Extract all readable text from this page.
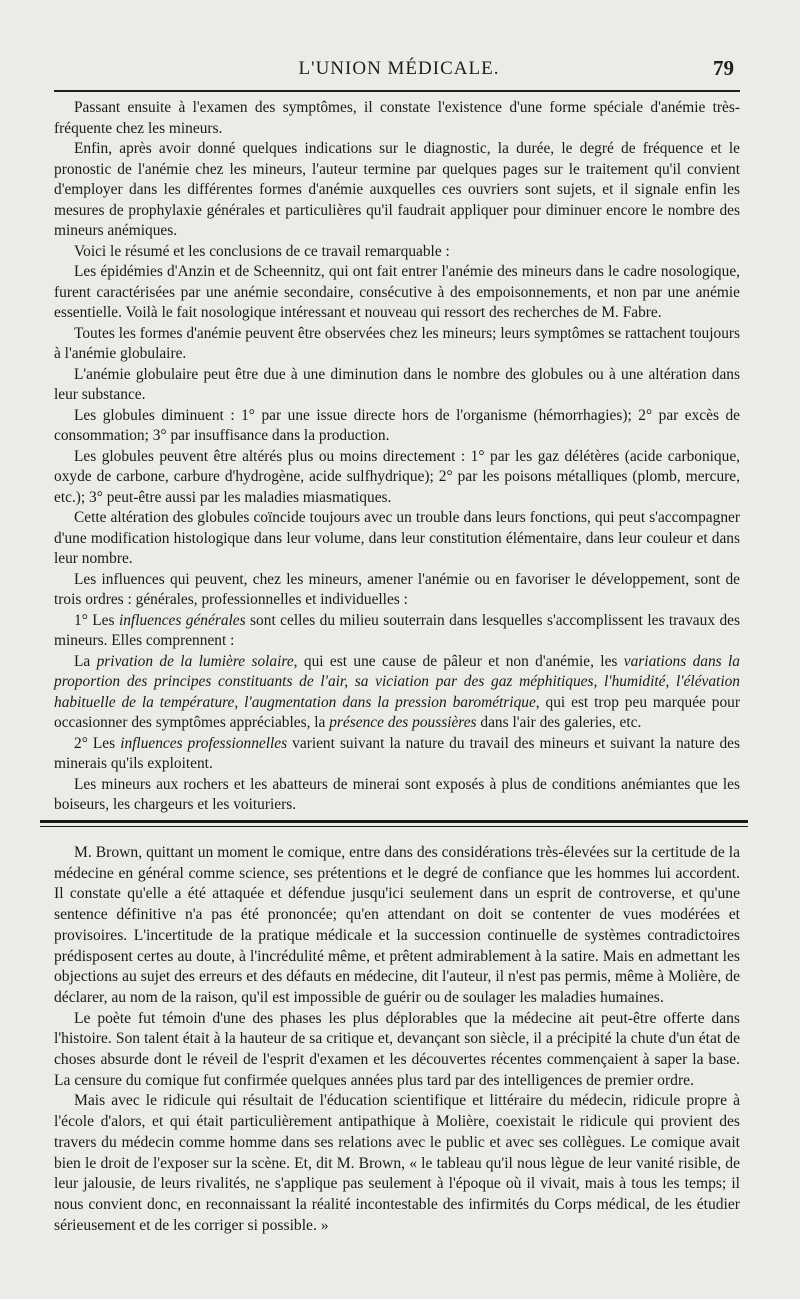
L'UNION MÉDICALE.	79

Passant ensuite à l'examen des symptômes, il constate l'existence d'une forme spéciale d'anémie très-fréquente chez les mineurs.

Enfin, après avoir donné quelques indications sur le diagnostic, la durée, le degré de fréquence et le pronostic de l'anémie chez les mineurs, l'auteur termine par quelques pages sur le traitement qu'il convient d'employer dans les différentes formes d'anémie auxquelles ces ouvriers sont sujets, et il signale enfin les mesures de prophylaxie générales et particulières qu'il faudrait appliquer pour diminuer encore le nombre des mineurs anémiques.

Voici le résumé et les conclusions de ce travail remarquable :

Les épidémies d'Anzin et de Scheennitz, qui ont fait entrer l'anémie des mineurs dans le cadre nosologique, furent caractérisées par une anémie secondaire, consécutive à des empoisonnements, et non par une anémie essentielle. Voilà le fait nosologique intéressant et nouveau qui ressort des recherches de M. Fabre.

Toutes les formes d'anémie peuvent être observées chez les mineurs; leurs symptômes se rattachent toujours à l'anémie globulaire.

L'anémie globulaire peut être due à une diminution dans le nombre des globules ou à une altération dans leur substance.

Les globules diminuent : 1° par une issue directe hors de l'organisme (hémorrhagies); 2° par excès de consommation; 3° par insuffisance dans la production.

Les globules peuvent être altérés plus ou moins directement : 1° par les gaz délétères (acide carbonique, oxyde de carbone, carbure d'hydrogène, acide sulfhydrique); 2° par les poisons métalliques (plomb, mercure, etc.); 3° peut-être aussi par les maladies miasmatiques.

Cette altération des globules coïncide toujours avec un trouble dans leurs fonctions, qui peut s'accompagner d'une modification histologique dans leur volume, dans leur constitution élémentaire, dans leur couleur et dans leur nombre.

Les influences qui peuvent, chez les mineurs, amener l'anémie ou en favoriser le développement, sont de trois ordres : générales, professionnelles et individuelles :

1° Les influences générales sont celles du milieu souterrain dans lesquelles s'accomplissent les travaux des mineurs. Elles comprennent :

La privation de la lumière solaire, qui est une cause de pâleur et non d'anémie, les variations dans la proportion des principes constituants de l'air, sa viciation par des gaz méphitiques, l'humidité, l'élévation habituelle de la température, l'augmentation dans la pression barométrique, qui est trop peu marquée pour occasionner des symptômes appréciables, la présence des poussières dans l'air des galeries, etc.

2° Les influences professionnelles varient suivant la nature du travail des mineurs et suivant la nature des minerais qu'ils exploitent.

Les mineurs aux rochers et les abatteurs de minerai sont exposés à plus de conditions anémiantes que les boiseurs, les chargeurs et les voituriers.

M. Brown, quittant un moment le comique, entre dans des considérations très-élevées sur la certitude de la médecine en général comme science, ses prétentions et le degré de confiance que les hommes lui accordent. Il constate qu'elle a été attaquée et défendue jusqu'ici seulement dans un esprit de controverse, et qu'une sentence définitive n'a pas été prononcée; qu'en attendant on doit se contenter de vues modérées et provisoires. L'incertitude de la pratique médicale et la succession continuelle de systèmes contradictoires prédisposent certes au doute, à l'incrédulité même, et prêtent admirablement à la satire. Mais en admettant les objections au sujet des erreurs et des défauts en médecine, dit l'auteur, il n'est pas permis, même à Molière, de déclarer, au nom de la raison, qu'il est impossible de guérir ou de soulager les maladies humaines.

Le poète fut témoin d'une des phases les plus déplorables que la médecine ait peut-être offerte dans l'histoire. Son talent était à la hauteur de sa critique et, devançant son siècle, il a précipité la chute d'un état de choses absurde dont le réveil de l'esprit d'examen et les découvertes récentes commençaient à saper la base. La censure du comique fut confirmée quelques années plus tard par des intelligences de premier ordre.

Mais avec le ridicule qui résultait de l'éducation scientifique et littéraire du médecin, ridicule propre à l'école d'alors, et qui était particulièrement antipathique à Molière, coexistait le ridicule qui provient des travers du médecin comme homme dans ses relations avec le public et avec ses collègues. Le comique avait bien le droit de l'exposer sur la scène. Et, dit M. Brown, « le tableau qu'il nous lègue de leur vanité risible, de leur jalousie, de leurs rivalités, ne s'applique pas seulement à l'époque où il vivait, mais à tous les temps; il nous convient donc, en reconnaissant la réalité incontestable des infirmités du Corps médical, de les étudier sérieusement et de les corriger si possible. »
